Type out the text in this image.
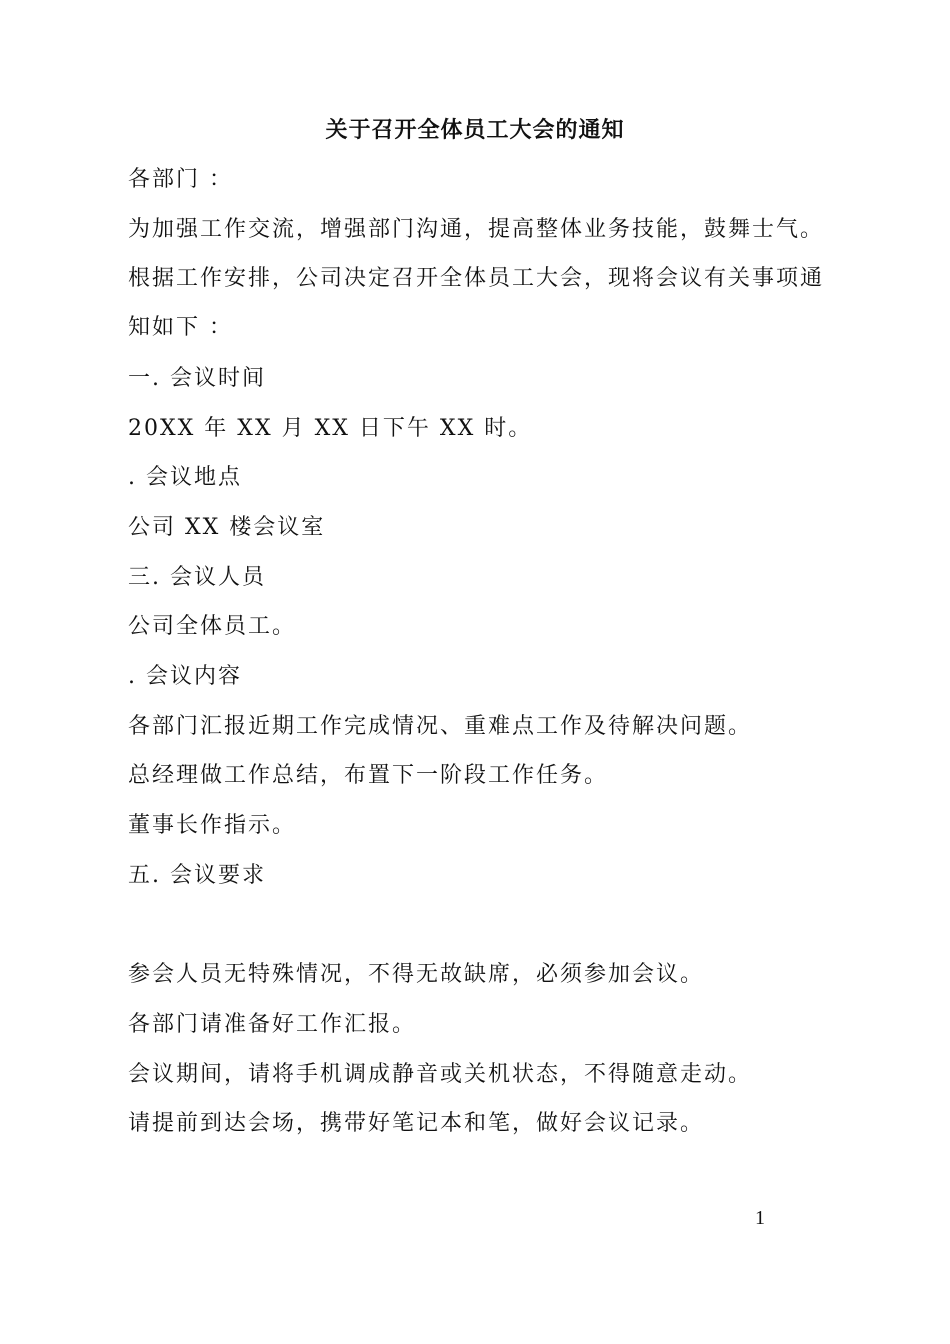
关于召开全体员工大会的通知
各部门 ：
为加强工作交流，增强部门沟通，提高整体业务技能，鼓舞士气。
根据工作安排，公司决定召开全体员工大会，现将会议有关事项通
知如下 ：
一. 会议时间
20XX 年 XX 月 XX 日下午 XX 时。
. 会议地点
公司 XX 楼会议室
三. 会议人员
公司全体员工。
. 会议内容
各部门汇报近期工作完成情况、重难点工作及待解决问题。
总经理做工作总结，布置下一阶段工作任务。
董事长作指示。
五. 会议要求
参会人员无特殊情况，不得无故缺席，必须参加会议。
各部门请准备好工作汇报。
会议期间，请将手机调成静音或关机状态，不得随意走动。
请提前到达会场，携带好笔记本和笔，做好会议记录。
1
